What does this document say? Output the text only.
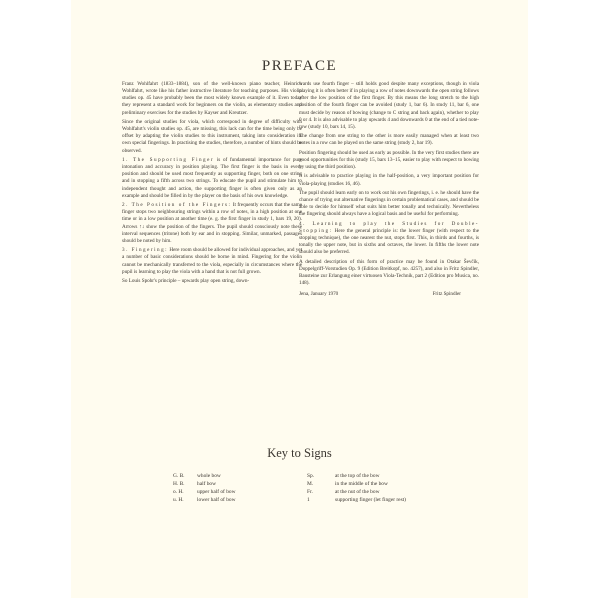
PREFACE

Franz Wohlfahrt (1833–1884), son of the well-known piano teacher, Heinrich Wohlfahrt, wrote like his father instructive literature for teaching purposes. His violin studies op. 45 have probably been the most widely known example of it. Even today they represent a standard work for beginners on the violin, as elementary studies and preliminary exercises for the studies by Kayser and Kreutzer.

Since the original studies for viola, which correspond in degree of difficulty with Wohlfahrt's violin studies op. 45, are missing, this lack can for the time being only be offset by adapting the violin studies to this instrument, taking into consideration its own special fingerings. In practising the studies, therefore, a number of hints should be observed.

1. The Supporting Finger is of fundamental importance for pure intonation and accuracy in position playing. The first finger is the basis in every position and should be used most frequently as supporting finger, both on one string and in stopping a fifth across two strings. To educate the pupil and stimulate him to independent thought and action, the supporting finger is often given only as an example and should be filled in by the player on the basis of his own knowledge.

2. The Position of the Fingers: It frequently occurs that the same finger stops two neighbouring strings within a row of notes, in a high position at one time or in a low position at another time (e. g. the first finger in study 1, bars 19, 20). Arrows ↑↓ show the position of the fingers. The pupil should consciously note these interval sequences (tritone) both by ear and in stopping. Similar, unmarked, passages should be noted by him.

3. Fingering: Here room should be allowed for individual approaches, and yet a number of basic considerations should be borne in mind. Fingering for the violin cannot be mechanically transferred to the viola, especially in circumstances where the pupil is learning to play the viola with a hand that is not full grown.

So Louis Spohr's principle – upwards play open string, down-

wards use fourth finger – still holds good despite many exceptions, though in viola playing it is often better if in playing a row of notes downwards the open string follows after the low position of the first finger. By this means the long stretch to the high position of the fourth finger can be avoided (study 1, bar 6). In study 11, bar 6, one must decide by reason of bowing (change to C string and back again), whether to play 0 or 4. It is also advisable to play upwards 4 and downwards 0 at the end of a tied note-row (study 10, bars 14, 15).

The change from one string to the other is more easily managed when at least two notes in a row can be played on the same string (study 2, bar 19).

Position fingering should be used as early as possible. In the very first studies there are good opportunities for this (study 15, bars 13–15, easier to play with respect to bowing by using the third position).

It is advisable to practice playing in the half-position, a very important position for viola-playing (studies 16, 46).

The pupil should learn early on to work out his own fingerings, i. e. he should have the chance of trying out alternative fingerings in certain problematical cases, and should be able to decide for himself what suits him better tonally and technically. Nevertheless the fingering should always have a logical basis and be useful for performing.

4. Learning to play the Studies for Double-Stopping: Here the general principle is: the lower finger (with respect to the stopping technique), the one nearest the nut, stops first. This, in thirds and fourths, is tonally the upper note, but in sixths and octaves, the lower. In fifths the lower note should also be preferred.

A detailed description of this form of practice may be found in Otakar Ševčík, Doppelgriff-Vorstudien Op. 9 (Edition Breitkopf, no. 4257), and also in Fritz Spindler, Bausteine zur Erlangung einer virtuosen Viola-Technik, part 2 (Edition pro Musica, no. 148).

Jena, January 1970	Fritz Spindler
Key to Signs
G. B.	whole bow
H. B.	half bow
o. H.	upper half of bow
u. H.	lower half of bow
Sp.	at the top of the bow
M.	in the middle of the bow
Fr.	at the nut of the bow
1	supporting finger (let finger rest)
